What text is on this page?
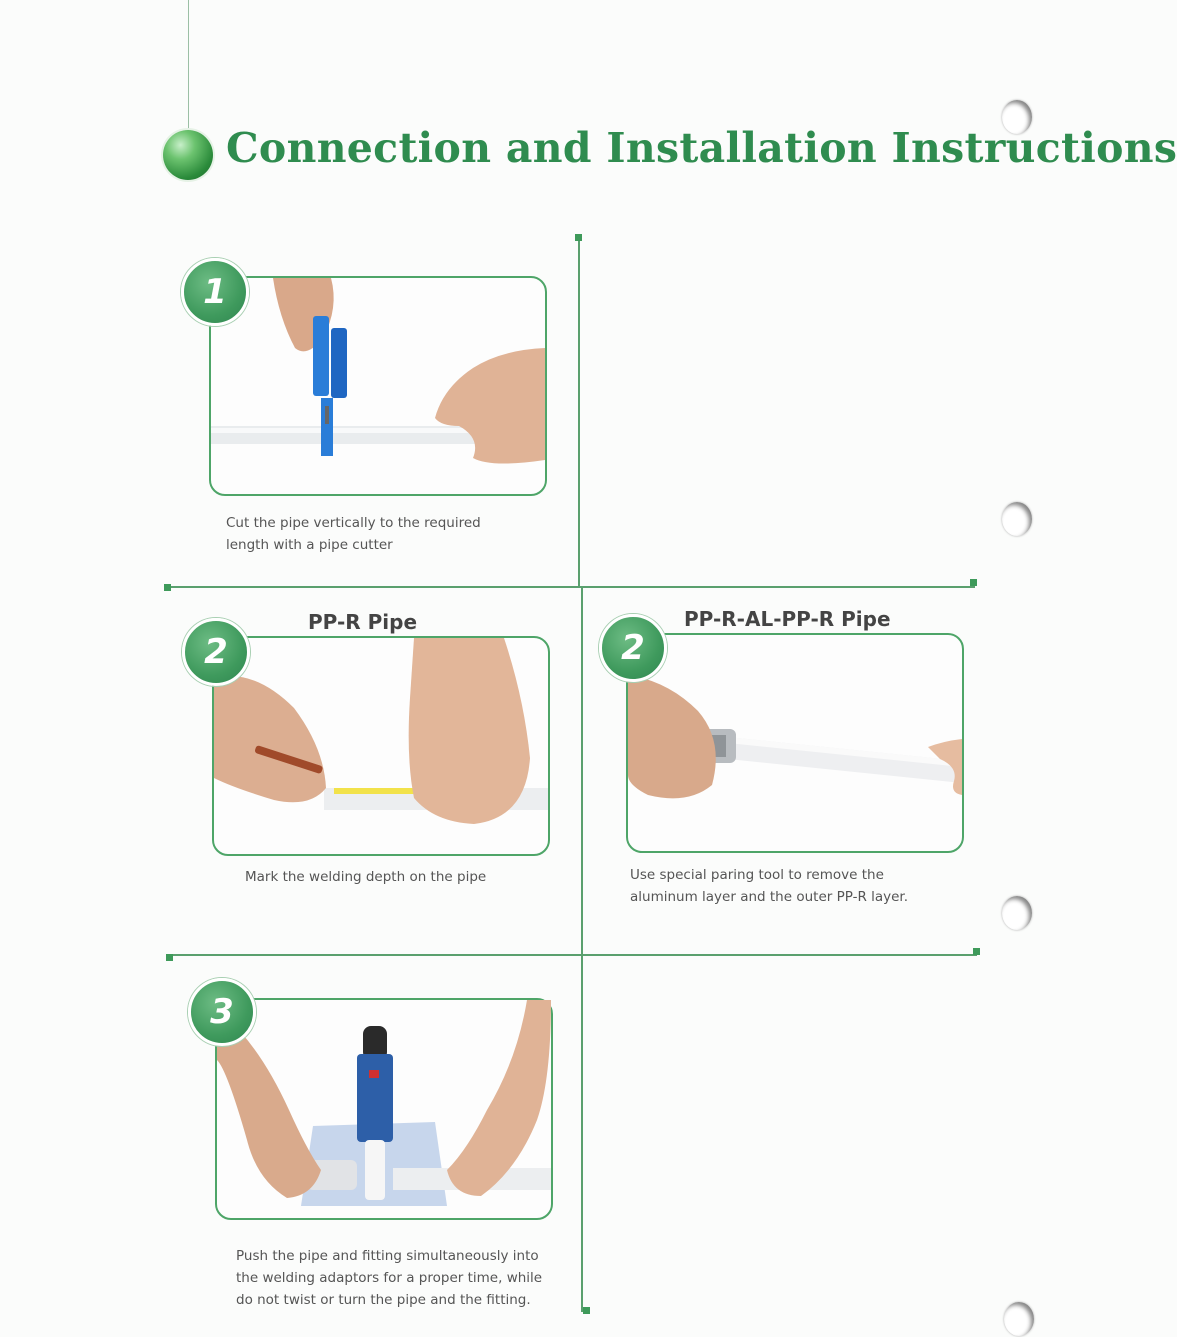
Connection and Installation Instructions
1
Cut the pipe vertically to the required
length with a pipe cutter
PP-R Pipe
2
Mark the welding depth on the pipe
PP-R-AL-PP-R Pipe
2
Use special paring tool to remove the
aluminum layer and the outer PP-R layer.
3
Push the pipe and fitting simultaneously into
the welding adaptors for a proper time, while
do not twist or turn the pipe and the fitting.
